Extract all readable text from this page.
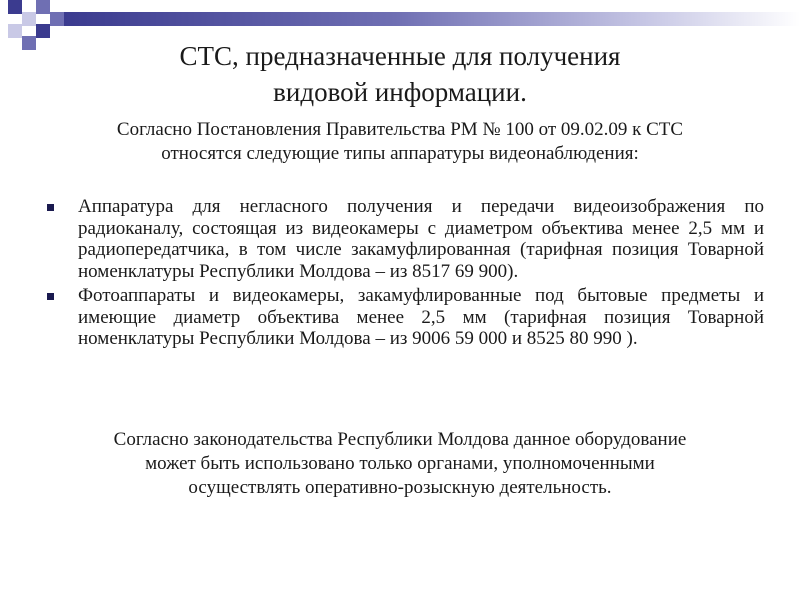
СТС, предназначенные для получения
видовой информации.
Согласно Постановления Правительства РМ № 100 от 09.02.09 к СТС
относятся следующие типы аппаратуры видеонаблюдения:
Аппаратура для негласного получения и передачи видеоизображения по радиоканалу, состоящая из видеокамеры с диаметром объектива менее 2,5 мм и радиопередатчика, в том числе закамуфлированная (тарифная позиция Товарной номенклатуры Республики Молдова – из 8517 69 900).
Фотоаппараты и видеокамеры, закамуфлированные под бытовые предметы и имеющие диаметр объектива менее 2,5 мм (тарифная позиция Товарной номенклатуры Республики Молдова – из 9006 59 000 и 8525 80 990 ).
Согласно законодательства Республики Молдова данное оборудование
может быть использовано только органами, уполномоченными
осуществлять оперативно-розыскную деятельность.
